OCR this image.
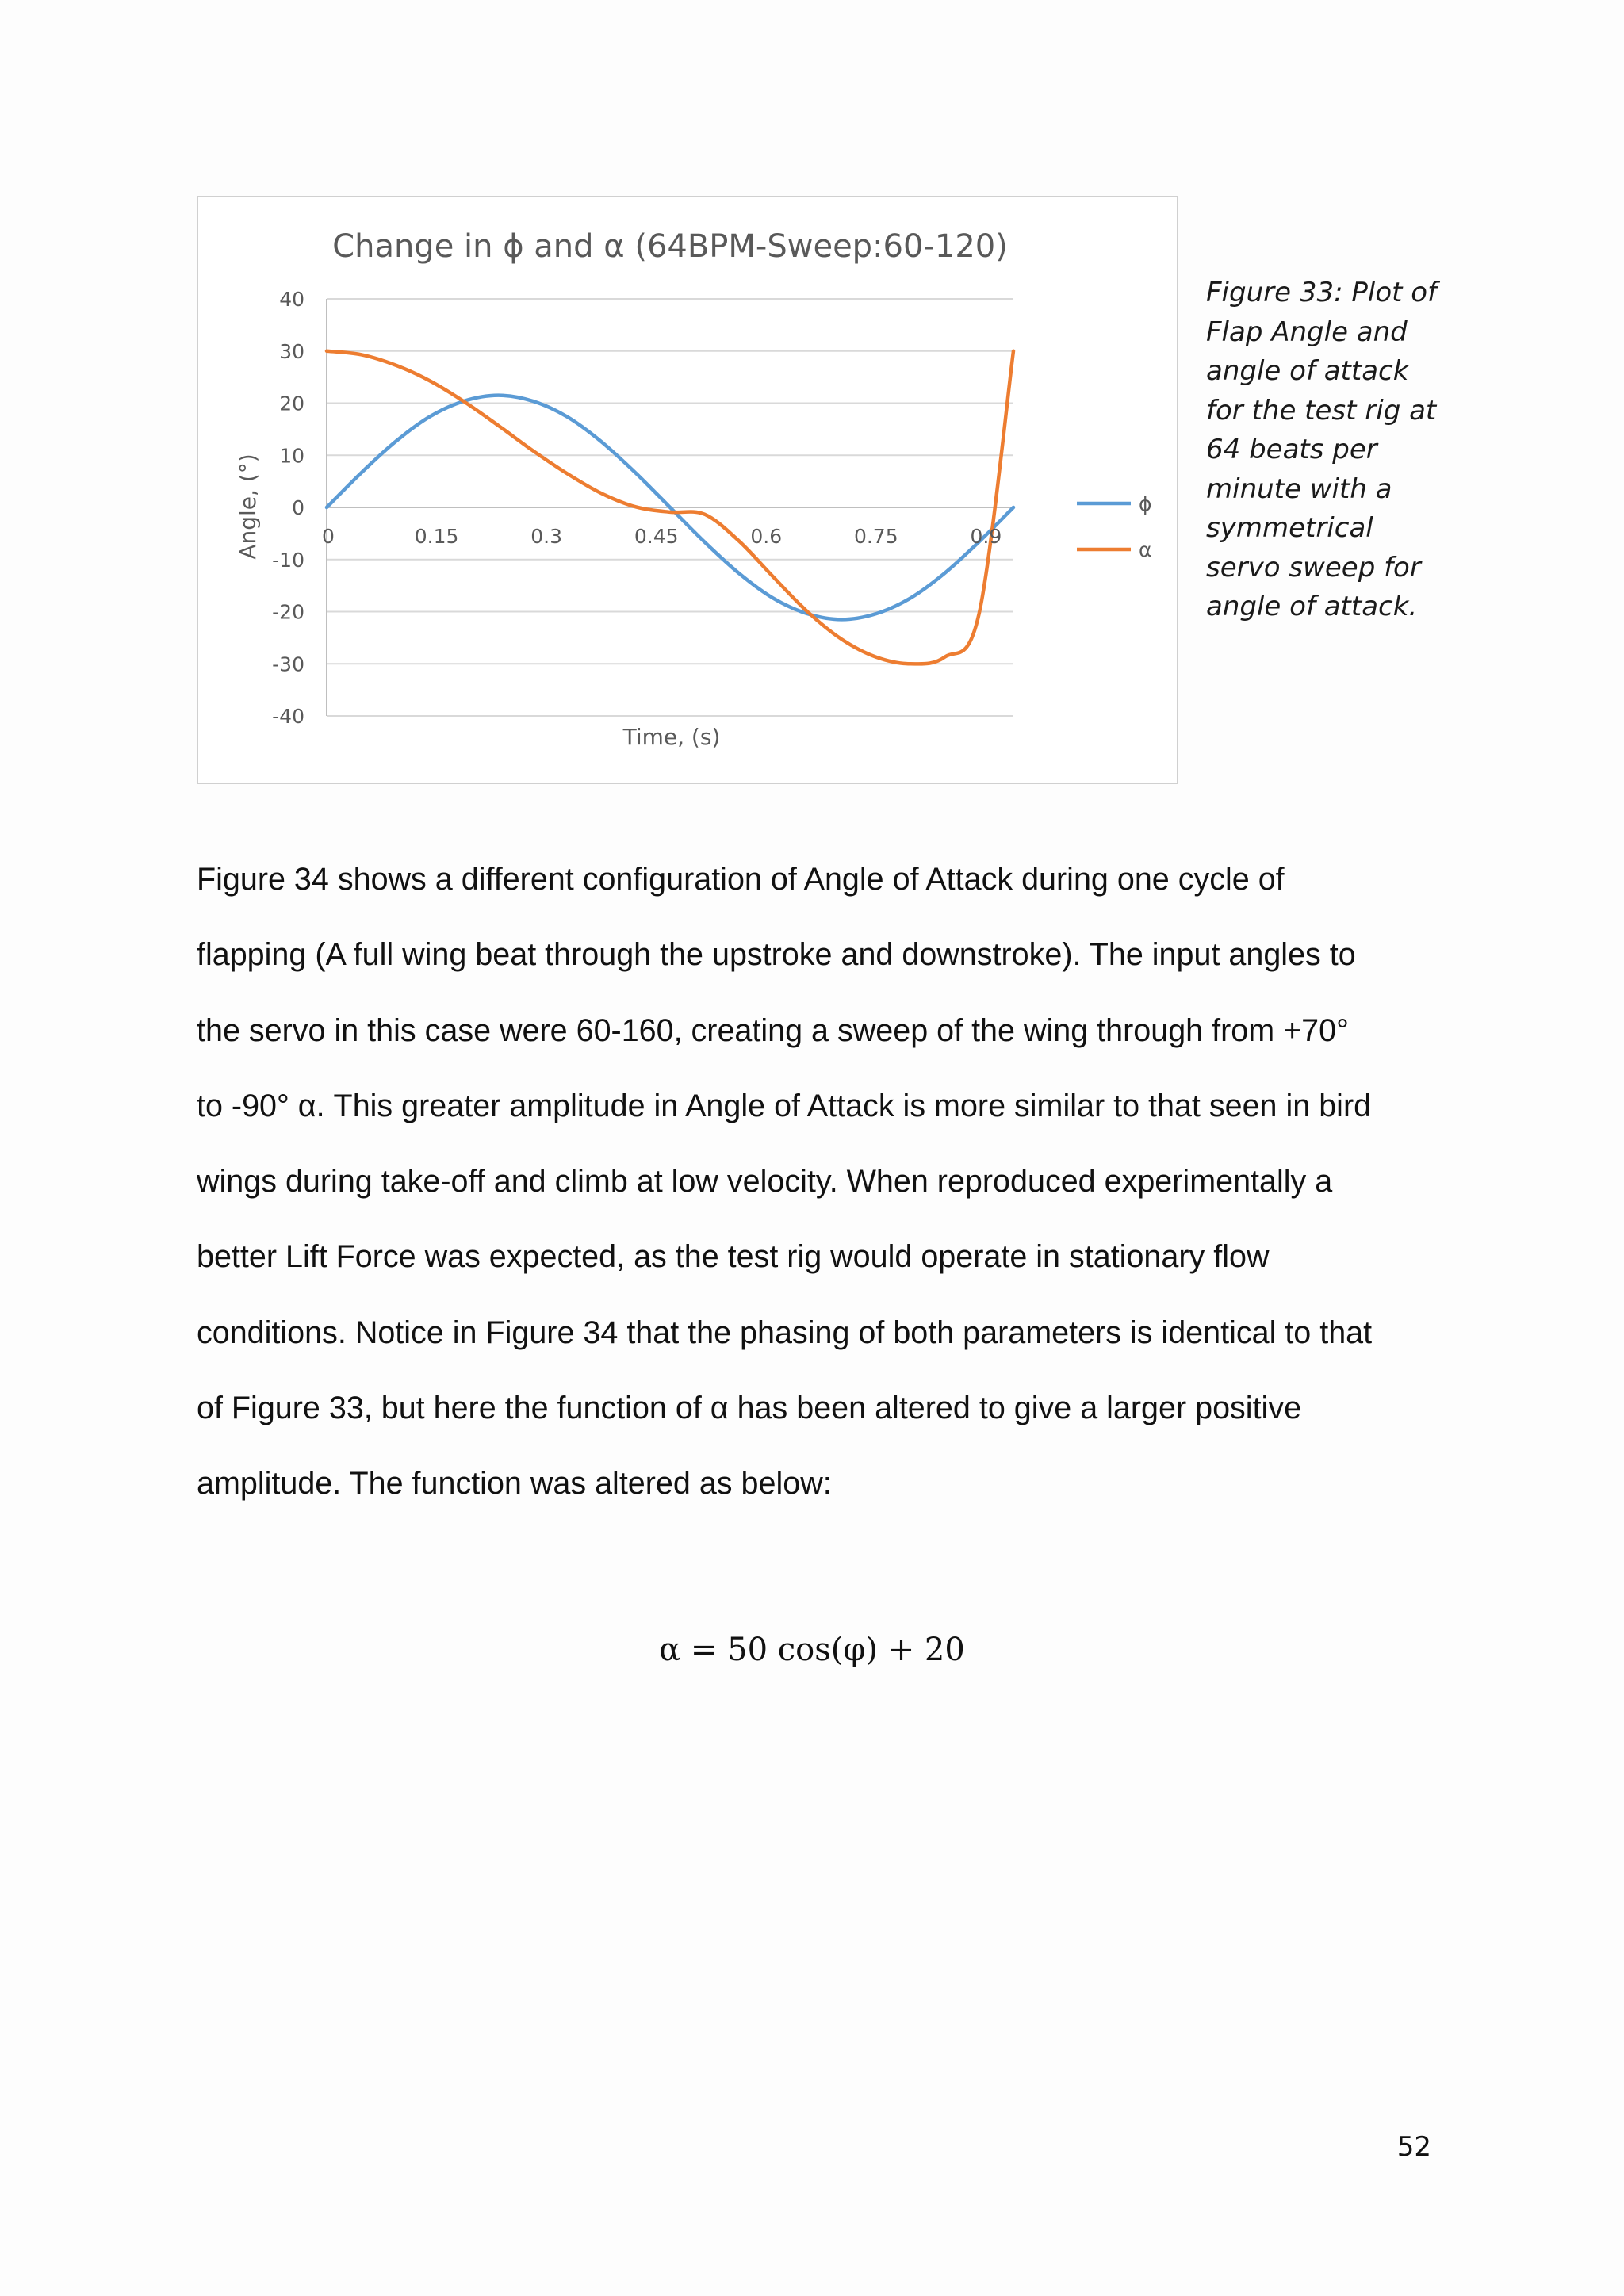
Change in ϕ and α (64BPM-Sweep:60-120)
40
30
20
10
0
-10
-20
-30
-40
0	0.15	0.3	0.45	0.6	0.75	0.9
Time, (s)
Angle, (°)	ϕ
α
Figure 33: Plot of
Flap Angle and
angle of attack
for the test rig at
64 beats per
minute with a
symmetrical
servo sweep for
angle of attack.
Figure 34 shows a different configuration of Angle of Attack during one cycle of
flapping (A full wing beat through the upstroke and downstroke). The input angles to
the servo in this case were 60-160, creating a sweep of the wing through from +70°
to -90° α. This greater amplitude in Angle of Attack is more similar to that seen in bird
wings during take-off and climb at low velocity. When reproduced experimentally a
better Lift Force was expected, as the test rig would operate in stationary flow
conditions. Notice in Figure 34 that the phasing of both parameters is identical to that
of Figure 33, but here the function of α has been altered to give a larger positive
amplitude. The function was altered as below:
α = 50 cos(φ) + 20
52
